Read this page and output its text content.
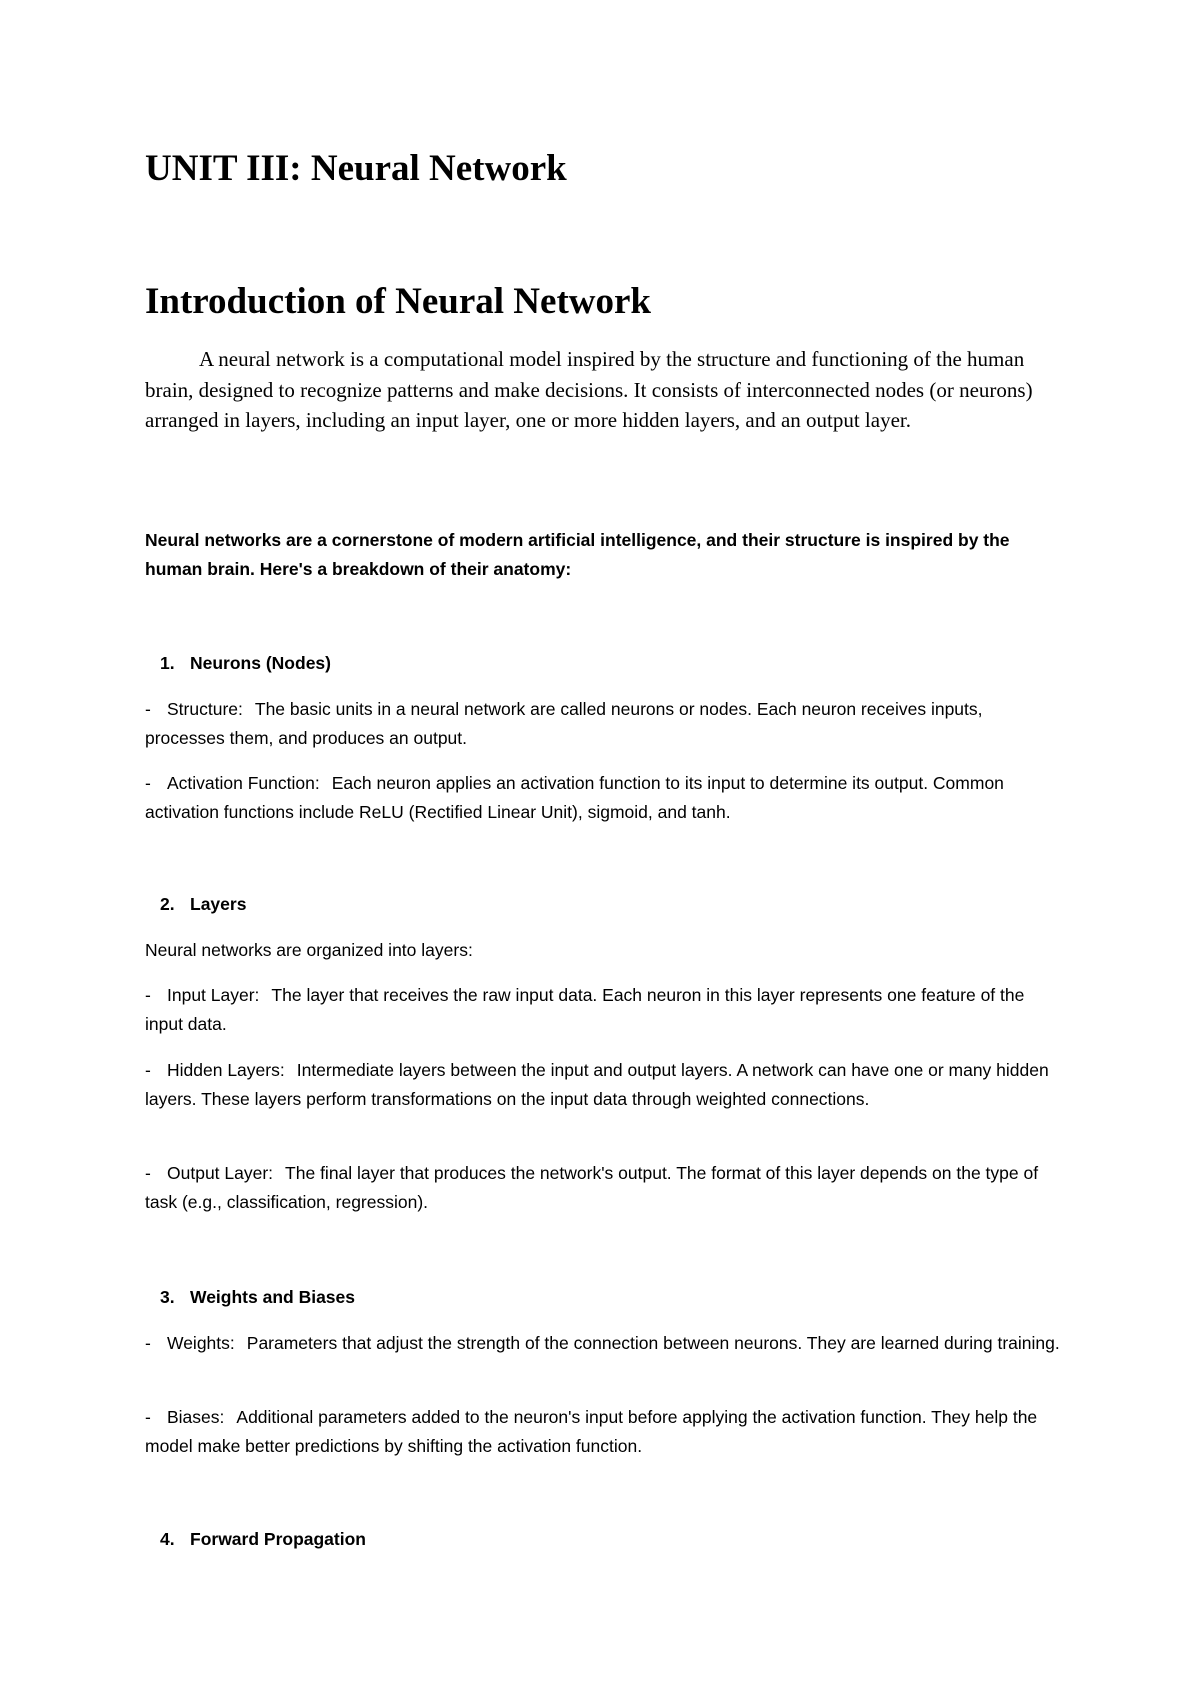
UNIT III: Neural Network
Introduction of Neural Network

A neural network is a computational model inspired by the structure and functioning of the human brain, designed to recognize patterns and make decisions. It consists of interconnected nodes (or neurons) arranged in layers, including an input layer, one or more hidden layers, and an output layer.

Neural networks are a cornerstone of modern artificial intelligence, and their structure is inspired by the human brain. Here's a breakdown of their anatomy:

1. Neurons (Nodes)

- Structure: The basic units in a neural network are called neurons or nodes. Each neuron receives inputs, processes them, and produces an output.

- Activation Function: Each neuron applies an activation function to its input to determine its output. Common activation functions include ReLU (Rectified Linear Unit), sigmoid, and tanh.

2. Layers

Neural networks are organized into layers:

- Input Layer: The layer that receives the raw input data. Each neuron in this layer represents one feature of the input data.

- Hidden Layers: Intermediate layers between the input and output layers. A network can have one or many hidden layers. These layers perform transformations on the input data through weighted connections.

- Output Layer: The final layer that produces the network's output. The format of this layer depends on the type of task (e.g., classification, regression).

3. Weights and Biases

- Weights: Parameters that adjust the strength of the connection between neurons. They are learned during training.

- Biases: Additional parameters added to the neuron's input before applying the activation function. They help the model make better predictions by shifting the activation function.

4. Forward Propagation
